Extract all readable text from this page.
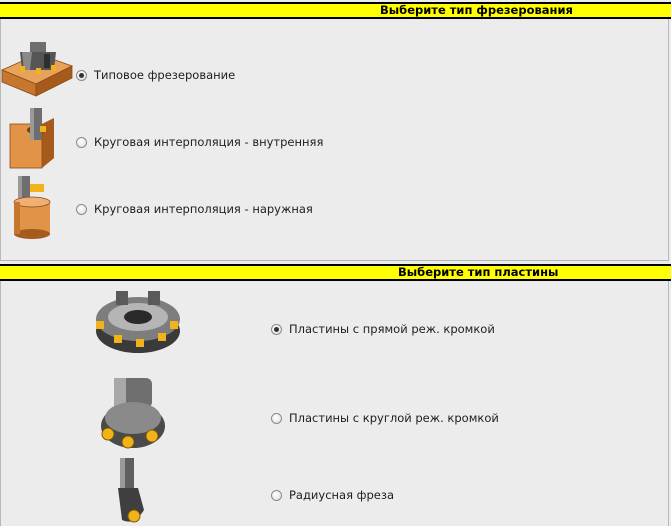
Выберите тип фрезерования
Типовое фрезерование
Круговая интерполяция - внутренняя
Круговая интерполяция - наружная
Выберите тип пластины
Пластины с прямой реж. кромкой
Пластины с круглой реж. кромкой
Радиусная фреза
